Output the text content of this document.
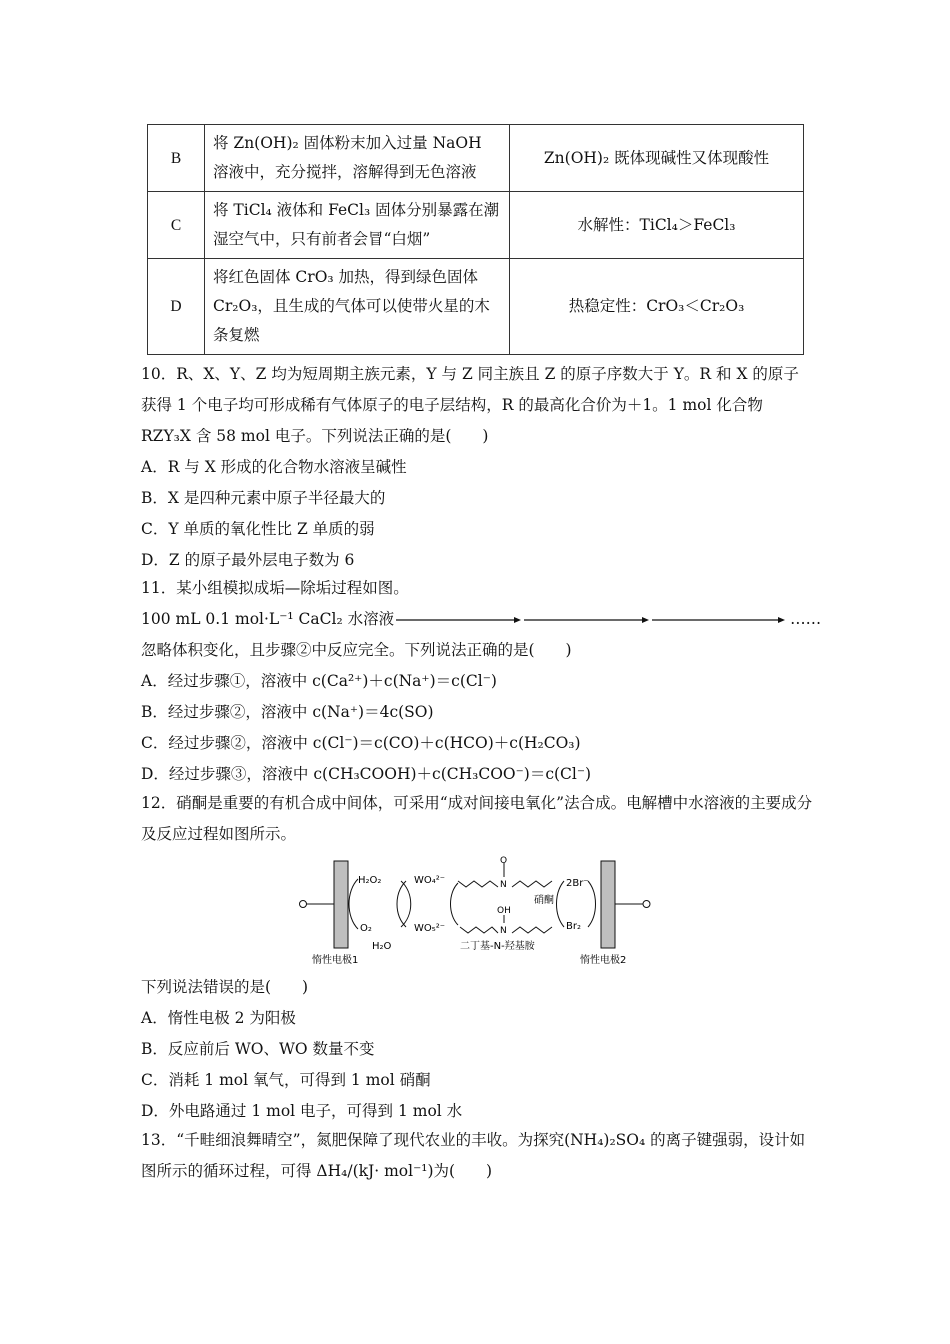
B	将 Zn(OH)₂ 固体粉末加入过量 NaOH 溶液中，充分搅拌，溶解得到无色溶液	Zn(OH)₂ 既体现碱性又体现酸性
C	将 TiCl₄ 液体和 FeCl₃ 固体分别暴露在潮湿空气中，只有前者会冒“白烟”	水解性：TiCl₄＞FeCl₃
D	将红色固体 CrO₃ 加热，得到绿色固体 Cr₂O₃，且生成的气体可以使带火星的木条复燃	热稳定性：CrO₃＜Cr₂O₃
10．R、X、Y、Z 均为短周期主族元素，Y 与 Z 同主族且 Z 的原子序数大于 Y。R 和 X 的原子获得 1 个电子均可形成稀有气体原子的电子层结构，R 的最高化合价为＋1。1 mol 化合物 RZY₃X 含 58 mol 电子。下列说法正确的是(　　)
A．R 与 X 形成的化合物水溶液呈碱性
B．X 是四种元素中原子半径最大的
C．Y 单质的氧化性比 Z 单质的弱
D．Z 的原子最外层电子数为 6
11．某小组模拟成垢—除垢过程如图。
100 mL 0.1 mol·L⁻¹ CaCl₂ 水溶液	……
忽略体积变化，且步骤②中反应完全。下列说法正确的是(　　)
A．经过步骤①，溶液中 c(Ca²⁺)＋c(Na⁺)＝c(Cl⁻)
B．经过步骤②，溶液中 c(Na⁺)＝4c(SO)
C．经过步骤②，溶液中 c(Cl⁻)＝c(CO)＋c(HCO)＋c(H₂CO₃)
D．经过步骤③，溶液中 c(CH₃COOH)＋c(CH₃COO⁻)＝c(Cl⁻)
12．硝酮是重要的有机合成中间体，可采用“成对间接电氧化”法合成。电解槽中水溶液的主要成分及反应过程如图所示。
O
N
OH
N
H₂O₂
O₂
H₂O
WO₄²⁻
WO₅²⁻
硝酮
二丁基-N-羟基胺
2Br⁻
Br₂
惰性电极1	惰性电极2
下列说法错误的是(　　)
A．惰性电极 2 为阳极
B．反应前后 WO、WO 数量不变
C．消耗 1 mol 氧气，可得到 1 mol 硝酮
D．外电路通过 1 mol 电子，可得到 1 mol 水
13．“千畦细浪舞晴空”，氮肥保障了现代农业的丰收。为探究(NH₄)₂SO₄ 的离子键强弱，设计如图所示的循环过程，可得 ΔH₄/(kJ· mol⁻¹)为(　　)
